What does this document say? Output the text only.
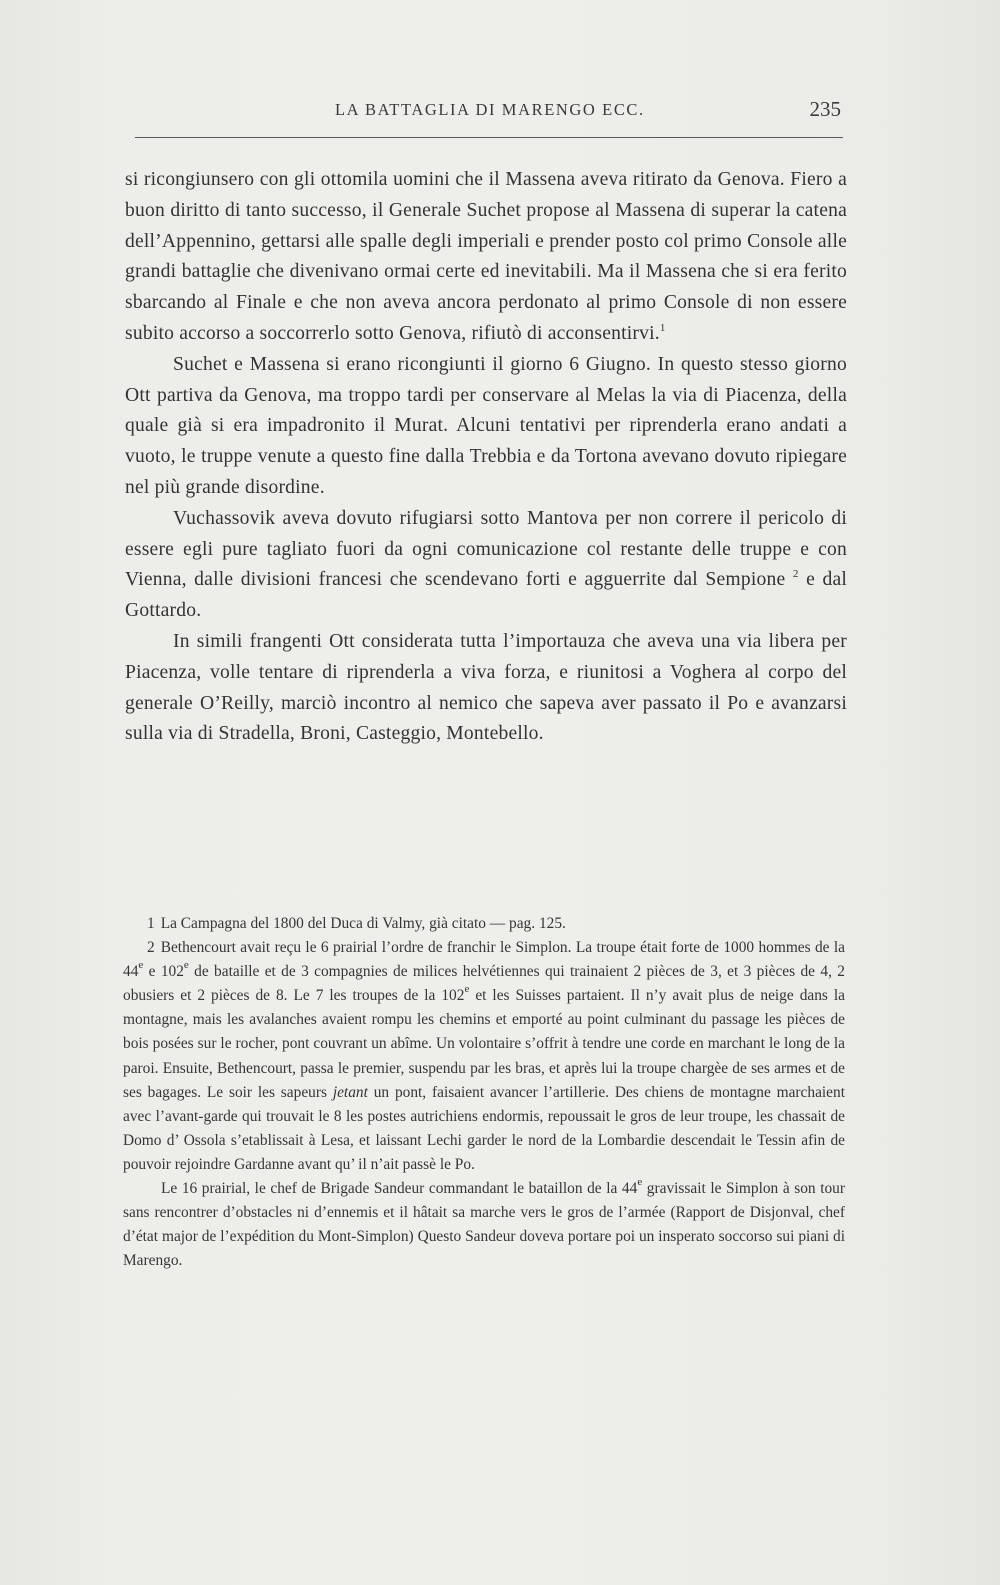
LA BATTAGLIA DI MARENGO ECC.	235

si ricongiunsero con gli ottomila uomini che il Massena aveva ritirato da Genova. Fiero a buon diritto di tanto successo, il Generale Suchet propose al Massena di superar la catena dell’Appennino, gettarsi alle spalle degli imperiali e prender posto col primo Console alle grandi battaglie che divenivano ormai certe ed inevitabili. Ma il Massena che si era ferito sbarcando al Finale e che non aveva ancora perdonato al primo Console di non essere subito accorso a soccorrerlo sotto Genova, rifiutò di acconsentirvi.$^1$

Suchet e Massena si erano ricongiunti il giorno 6 Giugno. In questo stesso giorno Ott partiva da Genova, ma troppo tardi per conservare al Melas la via di Piacenza, della quale già si era impadronito il Murat. Alcuni tentativi per riprenderla erano andati a vuoto, le truppe venute a questo fine dalla Trebbia e da Tortona avevano dovuto ripiegare nel più grande disordine.

Vuchassovik aveva dovuto rifugiarsi sotto Mantova per non correre il pericolo di essere egli pure tagliato fuori da ogni comunicazione col restante delle truppe e con Vienna, dalle divisioni francesi che scendevano forti e agguerrite dal Sempione $^2$ e dal Gottardo.

In simili frangenti Ott considerata tutta l’importauza che aveva una via libera per Piacenza, volle tentare di riprenderla a viva forza, e riunitosi a Voghera al corpo del generale O’Reilly, marciò incontro al nemico che sapeva aver passato il Po e avanzarsi sulla via di Stradella, Broni, Casteggio, Montebello.

1 La Campagna del 1800 del Duca di Valmy, già citato — pag. 125.

2 Bethencourt avait reçu le 6 prairial l’ordre de franchir le Simplon. La troupe était forte de 1000 hommes de la 44e e 102e de bataille et de 3 compagnies de milices helvétiennes qui trainaient 2 pièces de 3, et 3 pièces de 4, 2 obusiers et 2 pièces de 8. Le 7 les troupes de la 102e et les Suisses partaient. Il n’y avait plus de neige dans la montagne, mais les avalanches avaient rompu les chemins et emporté au point culminant du passage les pièces de bois posées sur le rocher, pont couvrant un abîme. Un volontaire s’offrit à tendre une corde en marchant le long de la paroi. Ensuite, Bethencourt, passa le premier, suspendu par les bras, et après lui la troupe chargèe de ses armes et de ses bagages. Le soir les sapeurs jetant un pont, faisaient avancer l’artillerie. Des chiens de montagne marchaient avec l’avant-garde qui trouvait le 8 les postes autrichiens endormis, repoussait le gros de leur troupe, les chassait de Domo d’ Ossola s’etablissait à Lesa, et laissant Lechi garder le nord de la Lombardie descendait le Tessin afin de pouvoir rejoindre Gardanne avant qu’ il n’ait passè le Po.

Le 16 prairial, le chef de Brigade Sandeur commandant le bataillon de la 44e gravissait le Simplon à son tour sans rencontrer d’obstacles ni d’ennemis et il hâtait sa marche vers le gros de l’armée (Rapport de Disjonval, chef d’état major de l’expédition du Mont-Simplon) Questo Sandeur doveva portare poi un insperato soccorso sui piani di Marengo.
